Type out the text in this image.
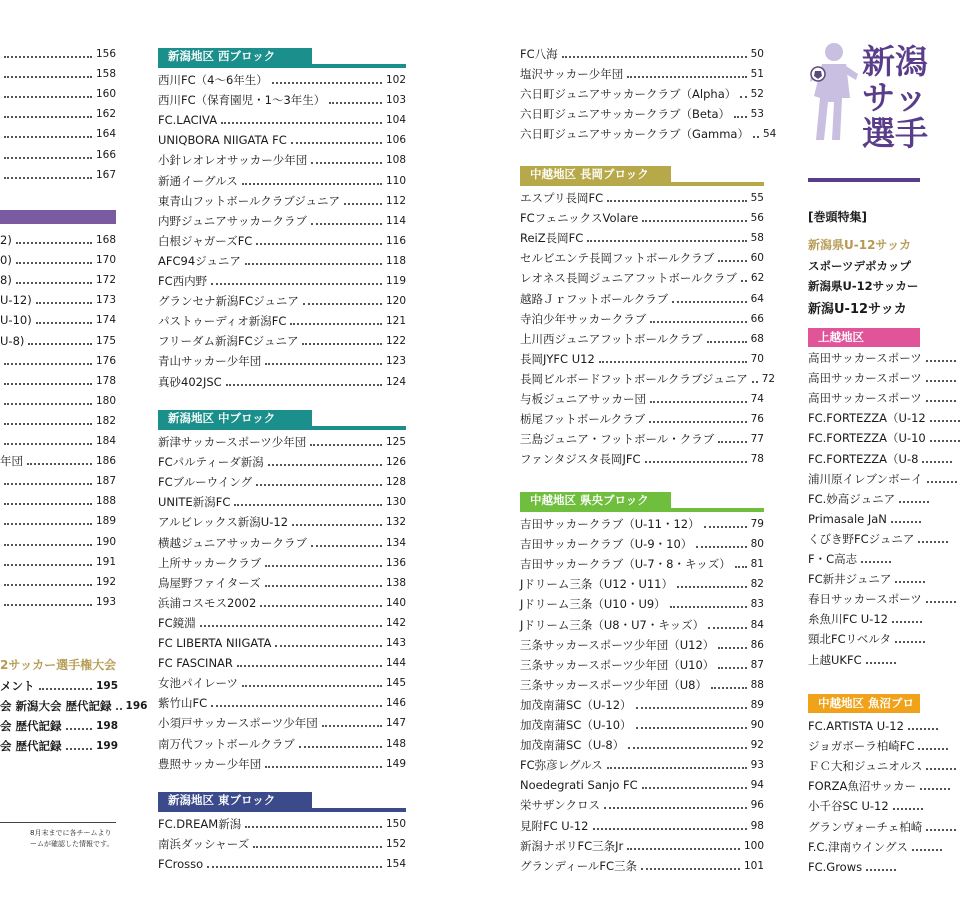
156
158
160
162
164
166
167
2)	168
0)	170
8)	172
U-12)	173
U-10)	174
U-8)	175
176
178
180
182
184
年団	186
187
188
189
190
191
192
193
2サッカー選手権大会
メント	195
会 新潟大会 歴代記録 196
会 歴代記録	198
会 歴代記録	199
8月末までに各チームより
ームが確認した情報です。
新潟地区 西ブロック
西川FC（4〜6年生）	102
西川FC（保育園児・1〜3年生）	103
FC.LACIVA	104
UNIQBORA NIIGATA FC	106
小針レオレオサッカー少年団	108
新通イーグルス	110
東青山フットボールクラブジュニア	112
内野ジュニアサッカークラブ	114
白根ジャガーズFC	116
AFC94ジュニア	118
FC西内野	119
グランセナ新潟FCジュニア	120
パストゥーディオ新潟FC	121
フリーダム新潟FCジュニア	122
青山サッカー少年団	123
真砂402JSC	124
新潟地区 中ブロック
新津サッカースポーツ少年団	125
FCパルティーダ新潟	126
FCブルーウイング	128
UNITE新潟FC	130
アルビレックス新潟U-12	132
横越ジュニアサッカークラブ	134
上所サッカークラブ	136
鳥屋野ファイターズ	138
浜浦コスモス2002	140
FC鏡淵	142
FC LIBERTA NIIGATA	143
FC FASCINAR	144
女池パイレーツ	145
紫竹山FC	146
小須戸サッカースポーツ少年団	147
南万代フットボールクラブ	148
豊照サッカー少年団	149
新潟地区 東ブロック
FC.DREAM新潟	150
南浜ダッシャーズ	152
FCrosso	154
FC八海	50
塩沢サッカー少年団	51
六日町ジュニアサッカークラブ（Alpha） 52
六日町ジュニアサッカークラブ（Beta） 53
六日町ジュニアサッカークラブ（Gamma） 54
中越地区 長岡ブロック
エスプリ長岡FC	55
FCフェニックスVolare	56
ReiZ長岡FC	58
セルビエンテ長岡フットボールクラブ	60
レオネス長岡ジュニアフットボールクラブ 62
越路Ｊｒフットボールクラブ	64
寺泊少年サッカークラブ	66
上川西ジュニアフットボールクラブ	68
長岡JYFC U12	70
長岡ビルボードフットボールクラブジュニア 72
与板ジュニアサッカー団	74
栃尾フットボールクラブ	76
三島ジュニア・フットボール・クラブ	77
ファンタジスタ長岡JFC	78
中越地区 県央ブロック
吉田サッカークラブ（U-11・12）	79
吉田サッカークラブ（U-9・10）	80
吉田サッカークラブ（U-7・8・キッズ） 81
Jドリーム三条（U12・U11）	82
Jドリーム三条（U10・U9）	83
Jドリーム三条（U8・U7・キッズ）	84
三条サッカースポーツ少年団（U12）	86
三条サッカースポーツ少年団（U10）	87
三条サッカースポーツ少年団（U8）	88
加茂南蒲SC（U-12）	89
加茂南蒲SC（U-10）	90
加茂南蒲SC（U-8）	92
FC弥彦レグルス	93
Noedegrati Sanjo FC	94
栄サザンクロス	96
見附FC U-12	98
新潟ナポリFC三条Jr	100
グランディールFC三条	101
新潟
サッ
選手
[巻頭特集]
新潟県U-12サッカ
スポーツデポカップ
新潟県U-12サッカー
新潟U-12サッカ
上越地区
高田サッカースポーツ
高田サッカースポーツ
高田サッカースポーツ
FC.FORTEZZA（U-12
FC.FORTEZZA（U-10
FC.FORTEZZA（U-8
浦川原イレブンボーイ
FC.妙高ジュニア
Primasale JaN
くびき野FCジュニア
F・C高志
FC新井ジュニア
春日サッカースポーツ
糸魚川FC U-12
頸北FCリベルタ
上越UKFC
中越地区 魚沼ブロ
FC.ARTISTA U-12
ジョガボーラ柏崎FC
ＦＣ大和ジュニオルス
FORZA魚沼サッカー
小千谷SC U-12
グランヴォーチェ柏崎
F.C.津南ウイングス
FC.Grows
